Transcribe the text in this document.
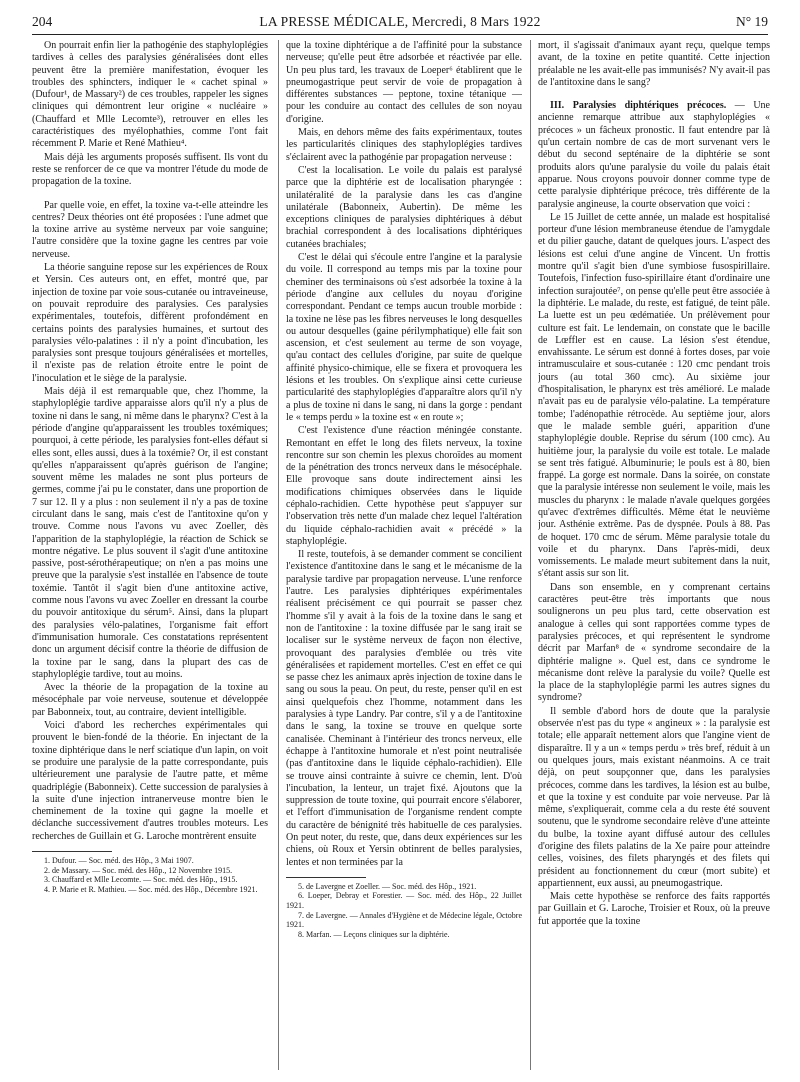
204	LA PRESSE MÉDICALE, Mercredi, 8 Mars 1922	N° 19

On pourrait enfin lier la pathogénie des staphyloplégies tardives à celles des paralysies généralisées dont elles peuvent être la première manifestation, évoquer les troubles des sphincters, indiquer le « cachet spinal » (Dufour¹, de Massary²) de ces troubles, rappeler les signes cliniques qui démontrent leur origine « nucléaire » (Chauffard et Mlle Lecomte³), retrouver en elles les caractéristiques des myélophathies, comme l'ont fait récemment P. Marie et René Mathieu⁴.

Mais déjà les arguments proposés suffisent. Ils vont du reste se renforcer de ce que va montrer l'étude du mode de propagation de la toxine.

Par quelle voie, en effet, la toxine va-t-elle atteindre les centres? Deux théories ont été proposées : l'une admet que la toxine arrive au système nerveux par voie sanguine; l'autre considère que la toxine gagne les centres par voie nerveuse.

La théorie sanguine repose sur les expériences de Roux et Yersin. Ces auteurs ont, en effet, montré que, par injection de toxine par voie sous-cutanée ou intraveineuse, on pouvait reproduire des paralysies. Ces paralysies expérimentales, toutefois, diffèrent profondément en certains points des paralysies humaines, et surtout des paralysies vélo-palatines : il n'y a point d'incubation, les paralysies sont presque toujours généralisées et mortelles, il n'existe pas de relation étroite entre le point de l'inoculation et le siège de la paralysie.

Mais déjà il est remarquable que, chez l'homme, la staphyloplégie tardive apparaisse alors qu'il n'y a plus de toxine ni dans le sang, ni même dans le pharynx? C'est à la période d'angine qu'apparaissent les troubles toxémiques; pourquoi, à cette période, les paralysies font-elles défaut si elles sont, elles aussi, dues à la toxémie? Or, il est constant qu'elles n'apparaissent qu'après guérison de l'angine; souvent même les malades ne sont plus porteurs de germes, comme j'ai pu le constater, dans une proportion de 7 sur 12. Il y a plus : non seulement il n'y a pas de toxine circulant dans le sang, mais c'est de l'antitoxine qu'on y trouve. Comme nous l'avons vu avec Zoeller, dès l'apparition de la staphyloplégie, la réaction de Schick se montre négative. Le plus souvent il s'agit d'une antitoxine passive, post-sérothérapeutique; on n'en a pas moins une preuve que la paralysie s'est installée en l'absence de toute toxémie. Tantôt il s'agit bien d'une antitoxine active, comme nous l'avons vu avec Zoeller en dressant la courbe du pouvoir antitoxique du sérum⁵. Ainsi, dans la plupart des paralysies vélo-palatines, l'organisme fait effort d'immunisation humorale. Ces constatations représentent donc un argument décisif contre la théorie de diffusion de la toxine par le sang, dans la plupart des cas de staphyloplégie tardive, tout au moins.

Avec la théorie de la propagation de la toxine au mésocéphale par voie nerveuse, soutenue et développée par Babonneix, tout, au contraire, devient intelligible.

Voici d'abord les recherches expérimentales qui prouvent le bien-fondé de la théorie. En injectant de la toxine diphtérique dans le nerf sciatique d'un lapin, on voit se produire une paralysie de la patte correspondante, puis ultérieurement une paralysie de l'autre patte, et même quadriplégie (Babonneix). Cette succession de paralysies à la suite d'une injection intranerveuse montre bien le cheminement de la toxine qui gagne la moelle et déclanche successivement d'autres troubles moteurs. Les recherches de Guillain et G. Laroche montrèrent ensuite

1. Dufour. — Soc. méd. des Hôp., 3 Mai 1907.

2. de Massary. — Soc. méd. des Hôp., 12 Novembre 1915.

3. Chauffard et Mlle Lecomte. — Soc. méd. des Hôp., 1915.

4. P. Marie et R. Mathieu. — Soc. méd. des Hôp., Décembre 1921.

que la toxine diphtérique a de l'affinité pour la substance nerveuse; qu'elle peut être adsorbée et réactivée par elle. Un peu plus tard, les travaux de Loeper⁶ établirent que le pneumogastrique peut servir de voie de propagation à différentes substances — peptone, toxine tétanique — pour les conduire au contact des cellules de son noyau d'origine.

Mais, en dehors même des faits expérimentaux, toutes les particularités cliniques des staphyloplégies tardives s'éclairent avec la pathogénie par propagation nerveuse :

C'est la localisation. Le voile du palais est paralysé parce que la diphtérie est de localisation pharyngée : unilatéralité de la paralysie dans les cas d'angine unilatérale (Babonneix, Aubertin). De même les exceptions cliniques de paralysies diphtériques à début brachial correspondent à des localisations diphtériques cutanées brachiales;

C'est le délai qui s'écoule entre l'angine et la paralysie du voile. Il correspond au temps mis par la toxine pour cheminer des terminaisons où s'est adsorbée la toxine à la période d'angine aux cellules du noyau d'origine correspondant. Pendant ce temps aucun trouble morbide : la toxine ne lèse pas les fibres nerveuses le long desquelles ou autour desquelles (gaine périlymphatique) elle fait son ascension, et c'est seulement au terme de son voyage, qu'au contact des cellules d'origine, par suite de quelque affinité physico-chimique, elle se fixera et provoquera les lésions et les troubles. On s'explique ainsi cette curieuse particularité des staphyloplégies d'apparaître alors qu'il n'y a plus de toxine ni dans le sang, ni dans la gorge : pendant le « temps perdu » la toxine est « en route »;

C'est l'existence d'une réaction méningée constante. Remontant en effet le long des filets nerveux, la toxine rencontre sur son chemin les plexus choroïdes au moment de la pénétration des troncs nerveux dans le mésocéphale. Elle provoque sans doute indirectement ainsi les modifications chimiques observées dans le liquide céphalo-rachidien. Cette hypothèse peut s'appuyer sur l'observation très nette d'un malade chez lequel l'altération du liquide céphalo-rachidien avait « précédé » la staphyloplégie.

Il reste, toutefois, à se demander comment se concilient l'existence d'antitoxine dans le sang et le mécanisme de la paralysie tardive par propagation nerveuse. L'une renforce l'autre. Les paralysies diphtériques expérimentales réalisent précisément ce qui pourrait se passer chez l'homme s'il y avait à la fois de la toxine dans le sang et non de l'antitoxine : la toxine diffusée par le sang irait se localiser sur le système nerveux de façon non élective, provoquant des paralysies d'emblée ou très vite généralisées et rapidement mortelles. C'est en effet ce qui se passe chez les animaux après injection de toxine dans le sang ou sous la peau. On peut, du reste, penser qu'il en est ainsi quelquefois chez l'homme, notamment dans les paralysies à type Landry. Par contre, s'il y a de l'antitoxine dans le sang, la toxine se trouve en quelque sorte canalisée. Cheminant à l'intérieur des troncs nerveux, elle échappe à l'antitoxine humorale et n'est point neutralisée (pas d'antitoxine dans le liquide céphalo-rachidien). Elle se trouve ainsi contrainte à suivre ce chemin, lent. D'où l'incubation, la lenteur, un trajet fixé. Ajoutons que la suppression de toute toxine, qui pourrait encore s'élaborer, et l'effort d'immunisation de l'organisme rendent compte du caractère de bénignité très habituelle de ces paralysies. On peut noter, du reste, que, dans deux expériences sur les chiens, où Roux et Yersin obtinrent de belles paralysies, lentes et non terminées par la

5. de Lavergne et Zoeller. — Soc. méd. des Hôp., 1921.

6. Loeper, Debray et Forestier. — Soc. méd. des Hôp., 22 Juillet 1921.

7. de Lavergne. — Annales d'Hygiène et de Médecine légale, Octobre 1921.

8. Marfan. — Leçons cliniques sur la diphtérie.

mort, il s'agissait d'animaux ayant reçu, quelque temps avant, de la toxine en petite quantité. Cette injection préalable ne les avait-elle pas immunisés? N'y avait-il pas de l'antitoxine dans le sang?

III. Paralysies diphtériques précoces. — Une ancienne remarque attribue aux staphyloplégies « précoces » un fâcheux pronostic. Il faut entendre par là qu'un certain nombre de cas de mort survenant vers le début du second septénaire de la diphtérie se sont produits alors qu'une paralysie du voile du palais était apparue. Nous croyons pouvoir donner comme type de cette paralysie diphtérique précoce, très différente de la paralysie angineuse, la courte observation que voici :

Le 15 Juillet de cette année, un malade est hospitalisé porteur d'une lésion membraneuse étendue de l'amygdale et du pilier gauche, datant de quelques jours. L'aspect des lésions est celui d'une angine de Vincent. Un frottis montre qu'il s'agit bien d'une symbiose fusospirillaire. Toutefois, l'infection fuso-spirillaire étant d'ordinaire une infection surajoutée⁷, on pense qu'elle peut être associée à la diphtérie. Le malade, du reste, est fatigué, de teint pâle. La luette est un peu œdématiée. Un prélèvement pour culture est fait. Le lendemain, on constate que le bacille de Lœffler est en cause. La lésion s'est étendue, envahissante. Le sérum est donné à fortes doses, par voie intramusculaire et sous-cutanée : 120 cmc pendant trois jours (au total 360 cmc). Au sixième jour d'hospitalisation, le pharynx est très amélioré. Le malade n'avait pas eu de paralysie vélo-palatine. La température tombe; l'adénopathie rétrocède. Au septième jour, alors que le malade semble guéri, apparition d'une staphyloplégie double. Reprise du sérum (100 cmc). Au huitième jour, la paralysie du voile est totale. Le malade se sent très fatigué. Albuminurie; le pouls est à 80, bien frappé. La gorge est normale. Dans la soirée, on constate que la paralysie intéresse non seulement le voile, mais les muscles du pharynx : le malade n'avale quelques gorgées qu'avec d'extrêmes difficultés. Même état le neuvième jour. Asthénie extrême. Pas de dyspnée. Pouls à 88. Pas de hoquet. 170 cmc de sérum. Même paralysie totale du voile et du pharynx. Dans l'après-midi, deux vomissements. Le malade meurt subitement dans la nuit, s'étant assis sur son lit.

Dans son ensemble, en y comprenant certains caractères peut-être très importants que nous soulignerons un peu plus tard, cette observation est analogue à celles qui sont rapportées comme types de paralysies précoces, et qui représentent le syndrome décrit par Marfan⁸ de « syndrome secondaire de la diphtérie maligne ». Quel est, dans ce syndrome le mécanisme dont relève la paralysie du voile? Quelle est la place de la staphyloplégie parmi les autres signes du syndrome?

Il semble d'abord hors de doute que la paralysie observée n'est pas du type « angineux » : la paralysie est totale; elle apparaît nettement alors que l'angine vient de disparaître. Il y a un « temps perdu » très bref, réduit à un ou quelques jours, mais existant néanmoins. A ce trait déjà, on peut soupçonner que, dans les paralysies précoces, comme dans les tardives, la lésion est au bulbe, et que la toxine y est conduite par voie nerveuse. Par là même, s'expliquerait, comme cela a du reste été souvent soutenu, que le syndrome secondaire relève d'une atteinte du bulbe, la toxine ayant diffusé autour des cellules d'origine des filets palatins de la Xe paire pour atteindre celles, voisines, des filets pharyngés et des filets qui président au fonctionnement du cœur (mort subite) et appartiennent, eux aussi, au pneumogastrique.

Mais cette hypothèse se renforce des faits rapportés par Guillain et G. Laroche, Troisier et Roux, où la preuve fut apportée que la toxine
